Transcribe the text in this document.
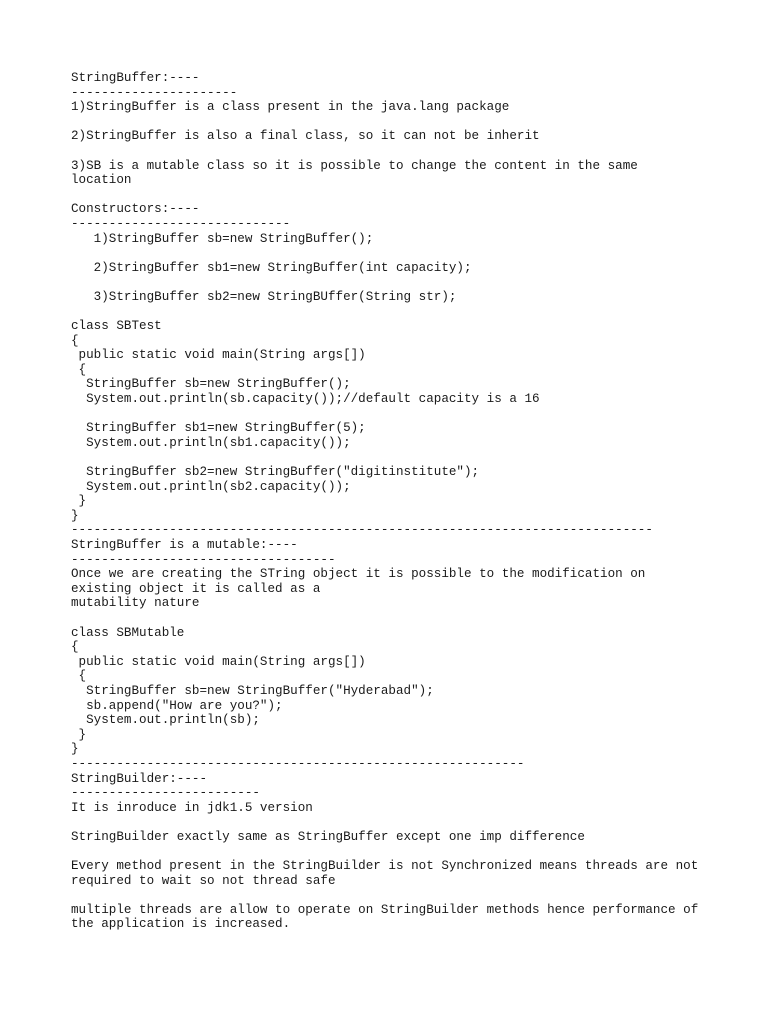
StringBuffer:----
----------------------
1)StringBuffer is a class present in the java.lang package
2)StringBuffer is also a final class, so it can not be inherit
3)SB is a mutable class so it is possible to change the content in the same
location
Constructors:----
-----------------------------
1)StringBuffer sb=new StringBuffer();
2)StringBuffer sb1=new StringBuffer(int capacity);
3)StringBuffer sb2=new StringBUffer(String str);
class SBTest
{
public static void main(String args[])
{
StringBuffer sb=new StringBuffer();
System.out.println(sb.capacity());//default capacity is a 16
StringBuffer sb1=new StringBuffer(5);
System.out.println(sb1.capacity());
StringBuffer sb2=new StringBuffer("digitinstitute");
System.out.println(sb2.capacity());
}
}
-----------------------------------------------------------------------------
StringBuffer is a mutable:----
-----------------------------------
Once we are creating the STring object it is possible to the modification on
existing object it is called as a
mutability nature
class SBMutable
{
public static void main(String args[])
{
StringBuffer sb=new StringBuffer("Hyderabad");
sb.append("How are you?");
System.out.println(sb);
}
}
------------------------------------------------------------
StringBuilder:----
-------------------------
It is inroduce in jdk1.5 version
StringBuilder exactly same as StringBuffer except one imp difference
Every method present in the StringBuilder is not Synchronized means threads are not
required to wait so not thread safe
multiple threads are allow to operate on StringBuilder methods hence performance of
the application is increased.
